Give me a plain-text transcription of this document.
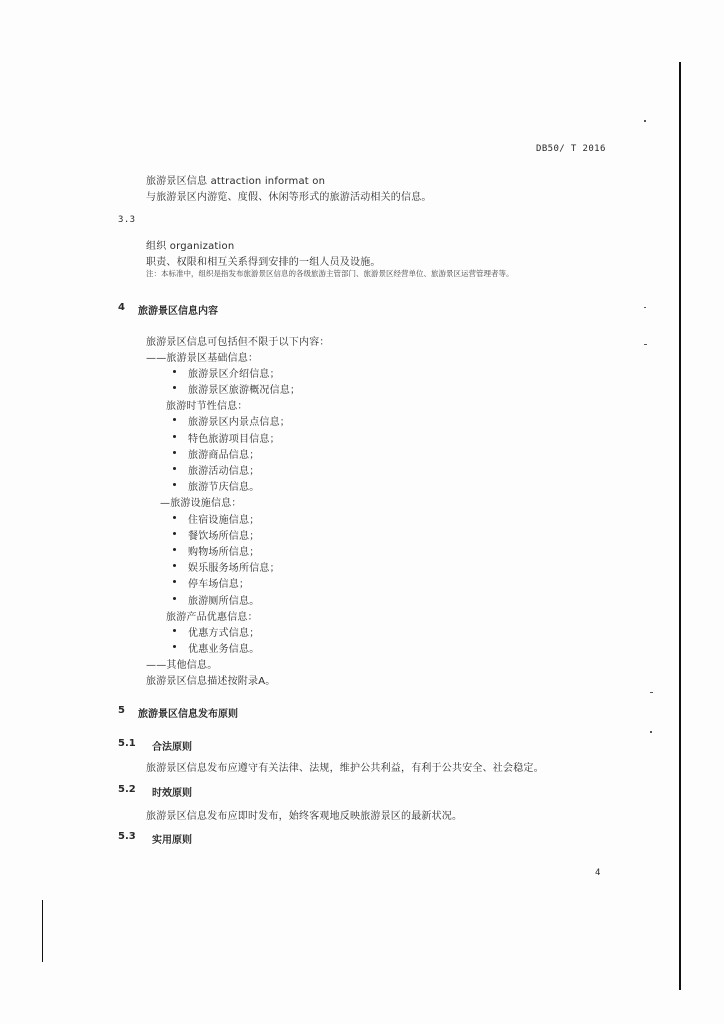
DB50/ T 2016
旅游景区信息 attraction informat on
与旅游景区内游览、度假、休闲等形式的旅游活动相关的信息。
3.3
组织 organization
职责、权限和相互关系得到安排的一组人员及设施。
注：本标准中，组织是指发布旅游景区信息的各级旅游主管部门、旅游景区经营单位、旅游景区运营管理者等。
4 旅游景区信息内容
旅游景区信息可包括但不限于以下内容：
——旅游景区基础信息：
旅游景区介绍信息；
旅游景区旅游概况信息；
旅游时节性信息：
旅游景区内景点信息；
特色旅游项目信息；
旅游商品信息；
旅游活动信息；
旅游节庆信息。
—旅游设施信息：
住宿设施信息；
餐饮场所信息；
购物场所信息；
娱乐服务场所信息；
停车场信息；
旅游厕所信息。
旅游产品优惠信息：
优惠方式信息；
优惠业务信息。
——其他信息。
旅游景区信息描述按附录A。
5 旅游景区信息发布原则
5.1 合法原则
旅游景区信息发布应遵守有关法律、法规，维护公共利益，有利于公共安全、社会稳定。
5.2 时效原则
旅游景区信息发布应即时发布，始终客观地反映旅游景区的最新状况。
5.3 实用原则
4
